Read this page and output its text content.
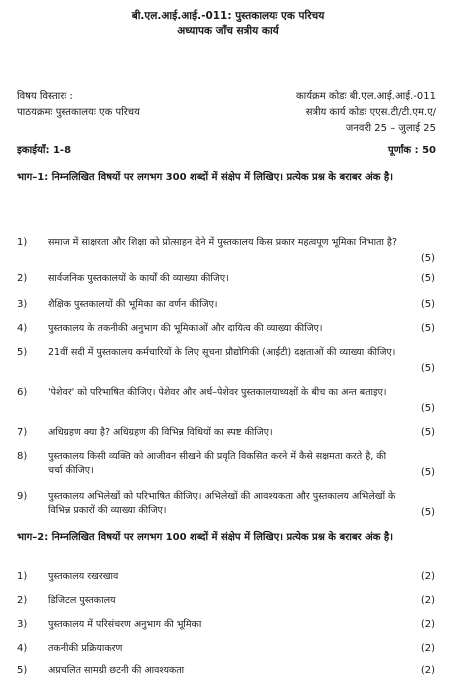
बी.एल.आई.आई.-011: पुस्तकालयः एक परिचय
अध्यापक जाँच सत्रीय कार्य
विषय विस्तारः :	कार्यक्रम कोडः बी.एल.आई.आई.-011
पाठयक्रमः पुस्तकालयः एक परिचय	सत्रीय कार्य कोडः एएस.टी/टी.एम.ए/
जनवरी 25 – जुलाई 25
इकाईयाँ: 1-8	पूर्णांक : 50
भाग–1: निम्नलिखित विषयों पर लगभग 300 शब्दों में संक्षेप में लिखिए। प्रत्येक प्रश्न के बराबर अंक है।
1) समाज में साक्षरता और शिक्षा को प्रोत्साहन देने में पुस्तकालय किस प्रकार महत्वपूण भूमिका निभाता है?
(5)
2) सार्वजनिक पुस्तकालयों के कार्यों की व्याख्या कीजिए।	(5)
3) शैक्षिक पुस्तकालयों की भूमिका का वर्णन कीजिए।	(5)
4) पुस्तकालय के तकनीकी अनुभाग की भूमिकाओं और दायित्व की व्याख्या कीजिए।	(5)
5) 21वीं सदी में पुस्तकालय कर्मचारियों के लिए सूचना प्रौद्योगिकी (आईटी) दक्षताओं की व्याख्या कीजिए।
(5)
6) 'पेशेवर' को परिभाषित कीजिए। पेशेवर और अर्ध–पेशेवर पुस्तकालयाध्यक्षों के बीच का अन्त बताइए।
(5)
7) अधिग्रहण क्या है? अधिग्रहण की विभिन्न विधियों का स्पष्ट कीजिए।	(5)
8) पुस्तकालय किसी व्यक्ति को आजीवन सीखने की प्रवृति विकसित करने में कैसे सक्षमता करते है, की चर्चा कीजिए।	(5)
9) पुस्तकालय अभिलेखों को परिभाषित कीजिए। अभिलेखों की आवश्यकता और पुस्तकालय अभिलेखों के विभिन्न प्रकारों की व्याख्या कीजिए।	(5)
भाग–2: निम्नलिखित विषयों पर लगभग 100 शब्दों में संक्षेप में लिखिए। प्रत्येक प्रश्न के बराबर अंक है।
1) पुस्तकालय रखरखाव	(2)
2) डिजिटल पुस्तकालय	(2)
3) पुस्तकालय में परिसंचरण अनुभाग की भूमिका	(2)
4) तकनीकी प्रक्रियाकरण	(2)
5) अप्रचलित सामग्री छटनी की आवश्यकता	(2)
